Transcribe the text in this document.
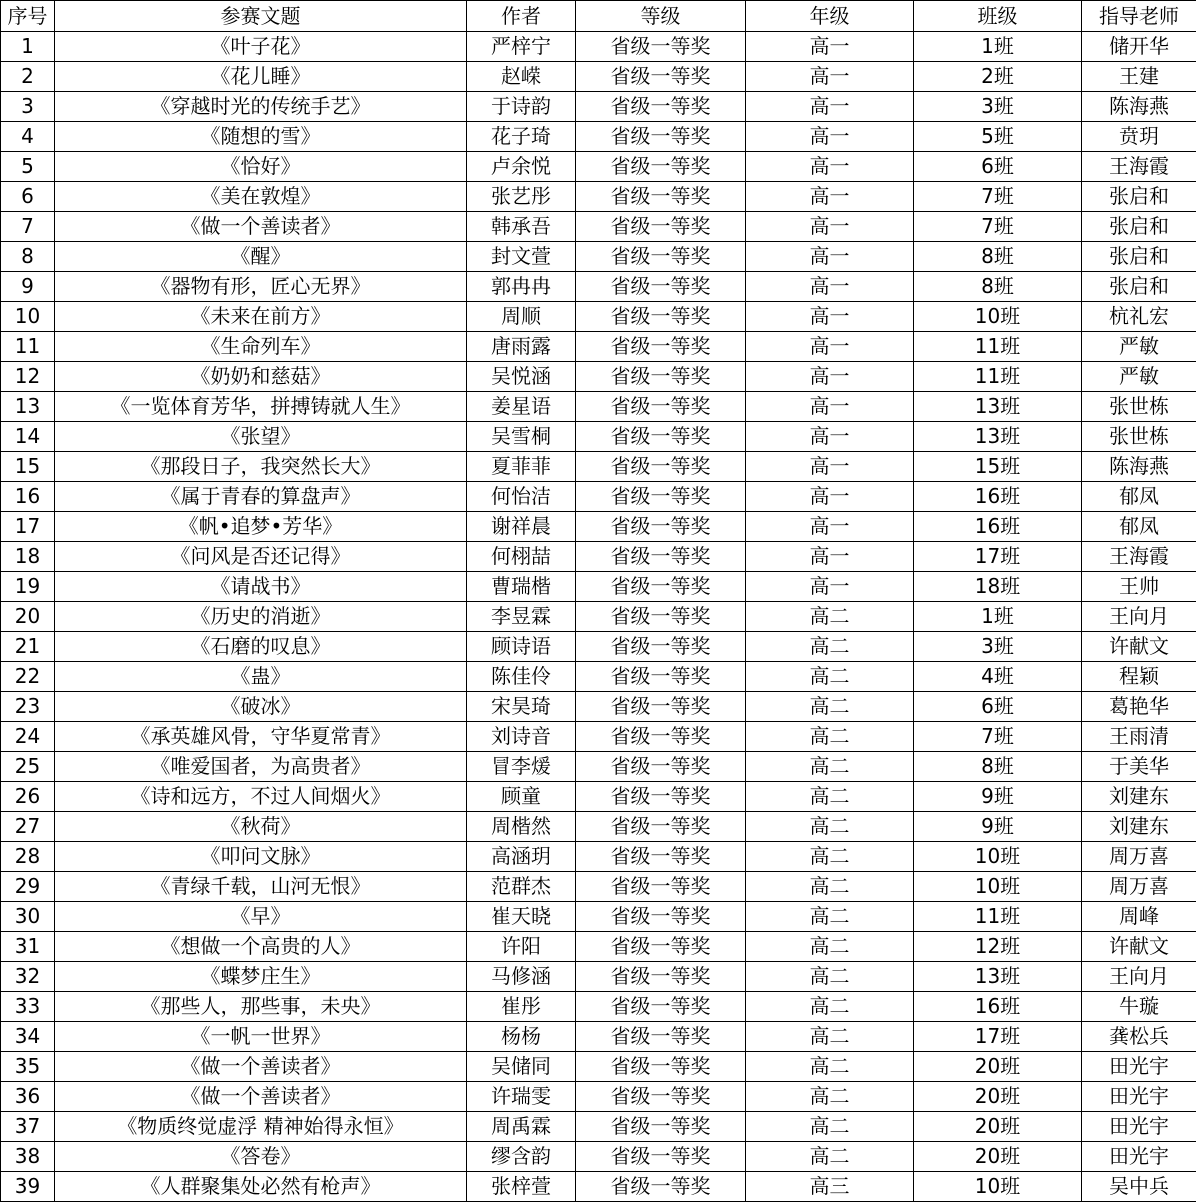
序号	参赛文题	作者	等级	年级	班级	指导老师
1	《叶子花》	严梓宁	省级一等奖	高一	1班	储开华
2	《花儿睡》	赵嵘	省级一等奖	高一	2班	王建
3	《穿越时光的传统手艺》	于诗韵	省级一等奖	高一	3班	陈海燕
4	《随想的雪》	花子琦	省级一等奖	高一	5班	贲玥
5	《恰好》	卢余悦	省级一等奖	高一	6班	王海霞
6	《美在敦煌》	张艺彤	省级一等奖	高一	7班	张启和
7	《做一个善读者》	韩承吾	省级一等奖	高一	7班	张启和
8	《醒》	封文萱	省级一等奖	高一	8班	张启和
9	《器物有形，匠心无界》	郭冉冉	省级一等奖	高一	8班	张启和
10	《未来在前方》	周顺	省级一等奖	高一	10班	杭礼宏
11	《生命列车》	唐雨露	省级一等奖	高一	11班	严敏
12	《奶奶和慈菇》	吴悦涵	省级一等奖	高一	11班	严敏
13	《一览体育芳华，拼搏铸就人生》	姜星语	省级一等奖	高一	13班	张世栋
14	《张望》	吴雪桐	省级一等奖	高一	13班	张世栋
15	《那段日子，我突然长大》	夏菲菲	省级一等奖	高一	15班	陈海燕
16	《属于青春的算盘声》	何怡洁	省级一等奖	高一	16班	郁凤
17	《帆•追梦•芳华》	谢祥晨	省级一等奖	高一	16班	郁凤
18	《问风是否还记得》	何栩喆	省级一等奖	高一	17班	王海霞
19	《请战书》	曹瑞楷	省级一等奖	高一	18班	王帅
20	《历史的消逝》	李昱霖	省级一等奖	高二	1班	王向月
21	《石磨的叹息》	顾诗语	省级一等奖	高二	3班	许献文
22	《蛊》	陈佳伶	省级一等奖	高二	4班	程颖
23	《破冰》	宋昊琦	省级一等奖	高二	6班	葛艳华
24	《承英雄风骨，守华夏常青》	刘诗音	省级一等奖	高二	7班	王雨清
25	《唯爱国者，为高贵者》	冒李煖	省级一等奖	高二	8班	于美华
26	《诗和远方，不过人间烟火》	顾童	省级一等奖	高二	9班	刘建东
27	《秋荷》	周楷然	省级一等奖	高二	9班	刘建东
28	《叩问文脉》	高涵玥	省级一等奖	高二	10班	周万喜
29	《青绿千载，山河无恨》	范群杰	省级一等奖	高二	10班	周万喜
30	《早》	崔天晓	省级一等奖	高二	11班	周峰
31	《想做一个高贵的人》	许阳	省级一等奖	高二	12班	许献文
32	《蝶梦庄生》	马修涵	省级一等奖	高二	13班	王向月
33	《那些人，那些事，未央》	崔彤	省级一等奖	高二	16班	牛璇
34	《一帆一世界》	杨杨	省级一等奖	高二	17班	龚松兵
35	《做一个善读者》	吴储同	省级一等奖	高二	20班	田光宇
36	《做一个善读者》	许瑞雯	省级一等奖	高二	20班	田光宇
37	《物质终觉虚浮 精神始得永恒》	周禹霖	省级一等奖	高二	20班	田光宇
38	《答卷》	缪含韵	省级一等奖	高二	20班	田光宇
39	《人群聚集处必然有枪声》	张梓萱	省级一等奖	高三	10班	吴中兵
